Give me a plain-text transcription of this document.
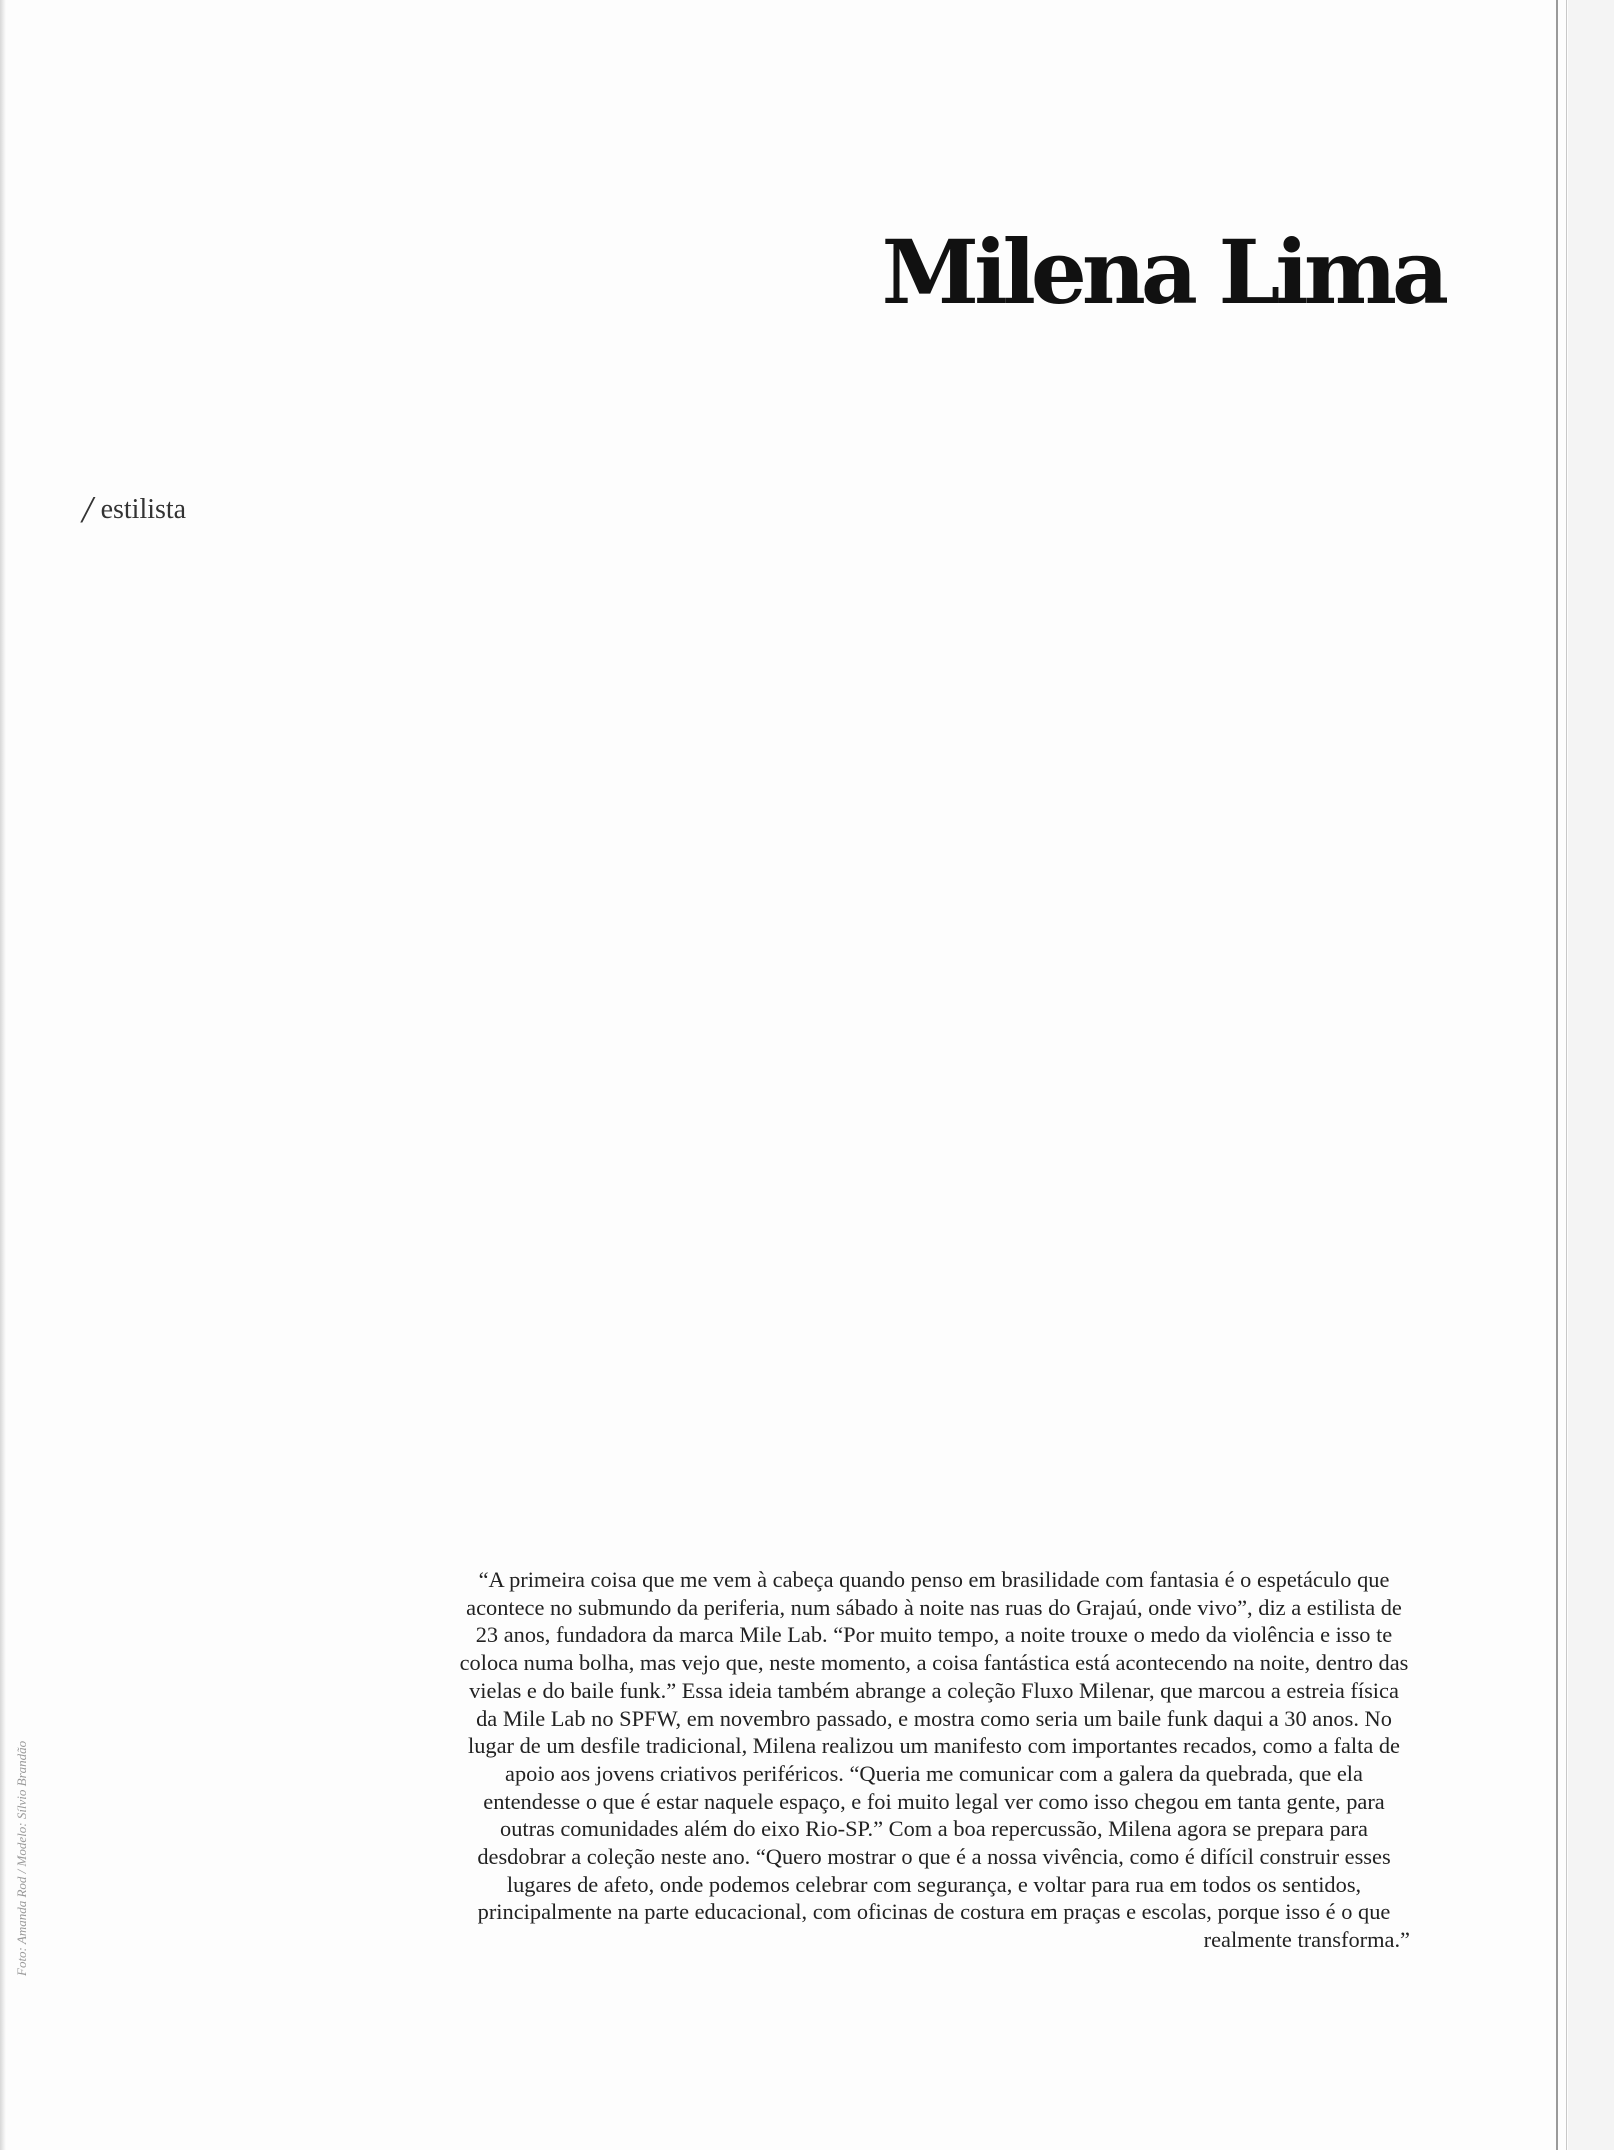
Milena Lima
/ estilista
Foto: Amanda Rod / Modelo: Sílvio Brandão

“A primeira coisa que me vem à cabeça quando penso em brasilidade com fantasia é o espetáculo que acontece no submundo da periferia, num sábado à noite nas ruas do Grajaú, onde vivo”, diz a estilista de 23 anos, fundadora da marca Mile Lab. “Por muito tempo, a noite trouxe o medo da violência e isso te coloca numa bolha, mas vejo que, neste momento, a coisa fantástica está acontecendo na noite, dentro das vielas e do baile funk.” Essa ideia também abrange a coleção Fluxo Milenar, que marcou a estreia física da Mile Lab no SPFW, em novembro passado, e mostra como seria um baile funk daqui a 30 anos. No lugar de um desfile tradicional, Milena realizou um manifesto com importantes recados, como a falta de apoio aos jovens criativos periféricos. “Queria me comunicar com a galera da quebrada, que ela entendesse o que é estar naquele espaço, e foi muito legal ver como isso chegou em tanta gente, para outras comunidades além do eixo Rio-SP.” Com a boa repercussão, Milena agora se prepara para desdobrar a coleção neste ano. “Quero mostrar o que é a nossa vivência, como é difícil construir esses lugares de afeto, onde podemos celebrar com segurança, e voltar para rua em todos os sentidos, principalmente na parte educacional, com oficinas de costura em praças e escolas, porque isso é o que realmente transforma.”
